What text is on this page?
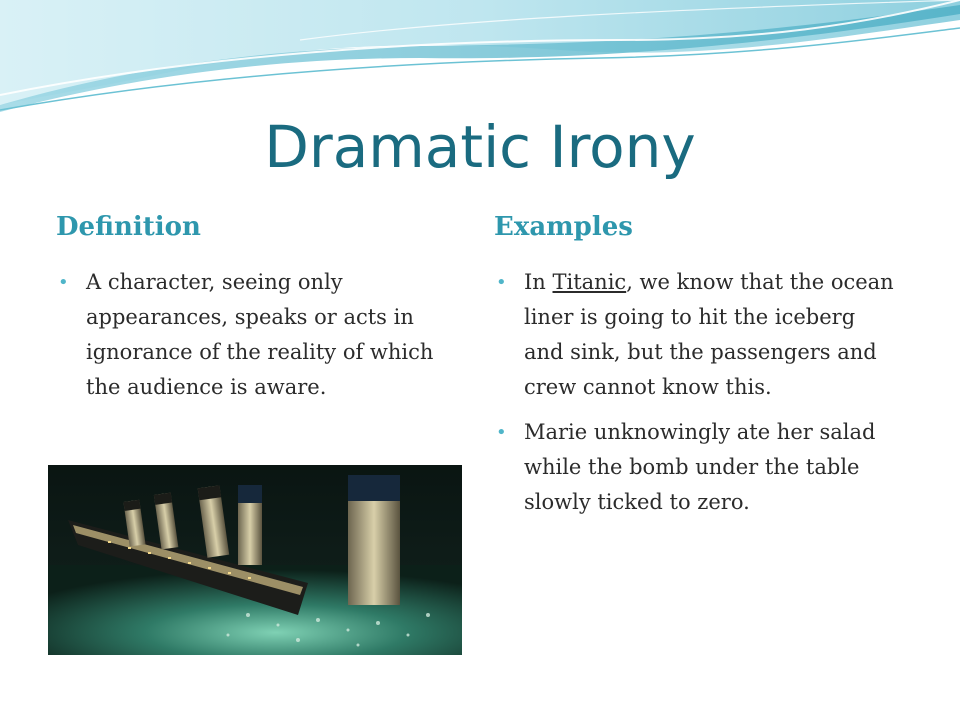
Dramatic Irony
Definition	Examples
• A character, seeing only appearances, speaks or acts in ignorance of the reality of which the audience is aware.
• In Titanic, we know that the ocean liner is going to hit the iceberg and sink, but the passengers and crew cannot know this.
• Marie unknowingly ate her salad while the bomb under the table slowly ticked to zero.
